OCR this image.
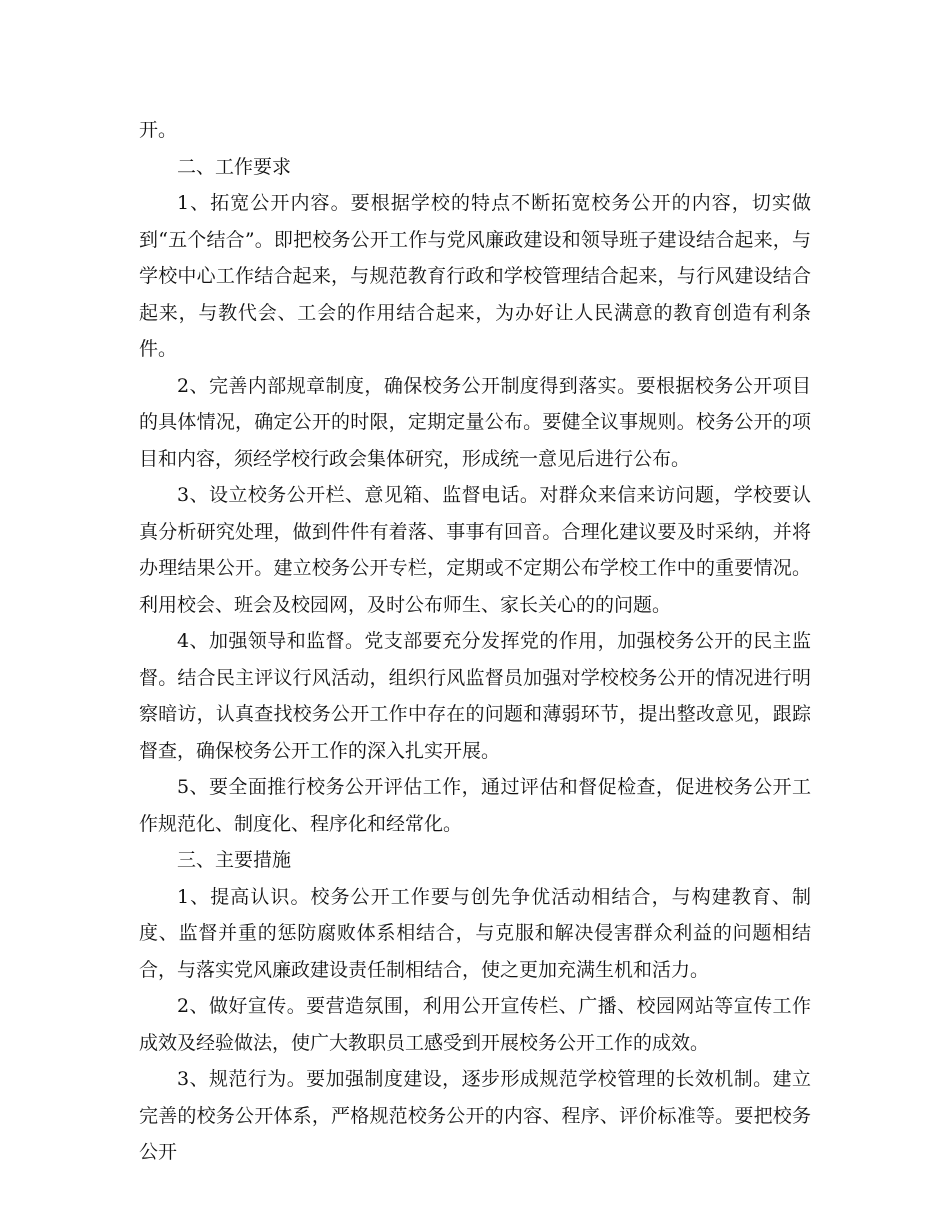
开。

二、工作要求

1、拓宽公开内容。要根据学校的特点不断拓宽校务公开的内容，切实做到“五个结合”。即把校务公开工作与党风廉政建设和领导班子建设结合起来，与学校中心工作结合起来，与规范教育行政和学校管理结合起来，与行风建设结合起来，与教代会、工会的作用结合起来，为办好让人民满意的教育创造有利条件。

2、完善内部规章制度，确保校务公开制度得到落实。要根据校务公开项目的具体情况，确定公开的时限，定期定量公布。要健全议事规则。校务公开的项目和内容，须经学校行政会集体研究，形成统一意见后进行公布。

3、设立校务公开栏、意见箱、监督电话。对群众来信来访问题，学校要认真分析研究处理，做到件件有着落、事事有回音。合理化建议要及时采纳，并将办理结果公开。建立校务公开专栏，定期或不定期公布学校工作中的重要情况。利用校会、班会及校园网，及时公布师生、家长关心的的问题。

4、加强领导和监督。党支部要充分发挥党的作用，加强校务公开的民主监督。结合民主评议行风活动，组织行风监督员加强对学校校务公开的情况进行明察暗访，认真查找校务公开工作中存在的问题和薄弱环节，提出整改意见，跟踪督查，确保校务公开工作的深入扎实开展。

5、要全面推行校务公开评估工作，通过评估和督促检查，促进校务公开工作规范化、制度化、程序化和经常化。

三、主要措施

1、提高认识。校务公开工作要与创先争优活动相结合，与构建教育、制度、监督并重的惩防腐败体系相结合，与克服和解决侵害群众利益的问题相结合，与落实党风廉政建设责任制相结合，使之更加充满生机和活力。

2、做好宣传。要营造氛围，利用公开宣传栏、广播、校园网站等宣传工作成效及经验做法，使广大教职员工感受到开展校务公开工作的成效。

3、规范行为。要加强制度建设，逐步形成规范学校管理的长效机制。建立完善的校务公开体系，严格规范校务公开的内容、程序、评价标准等。要把校务公开
